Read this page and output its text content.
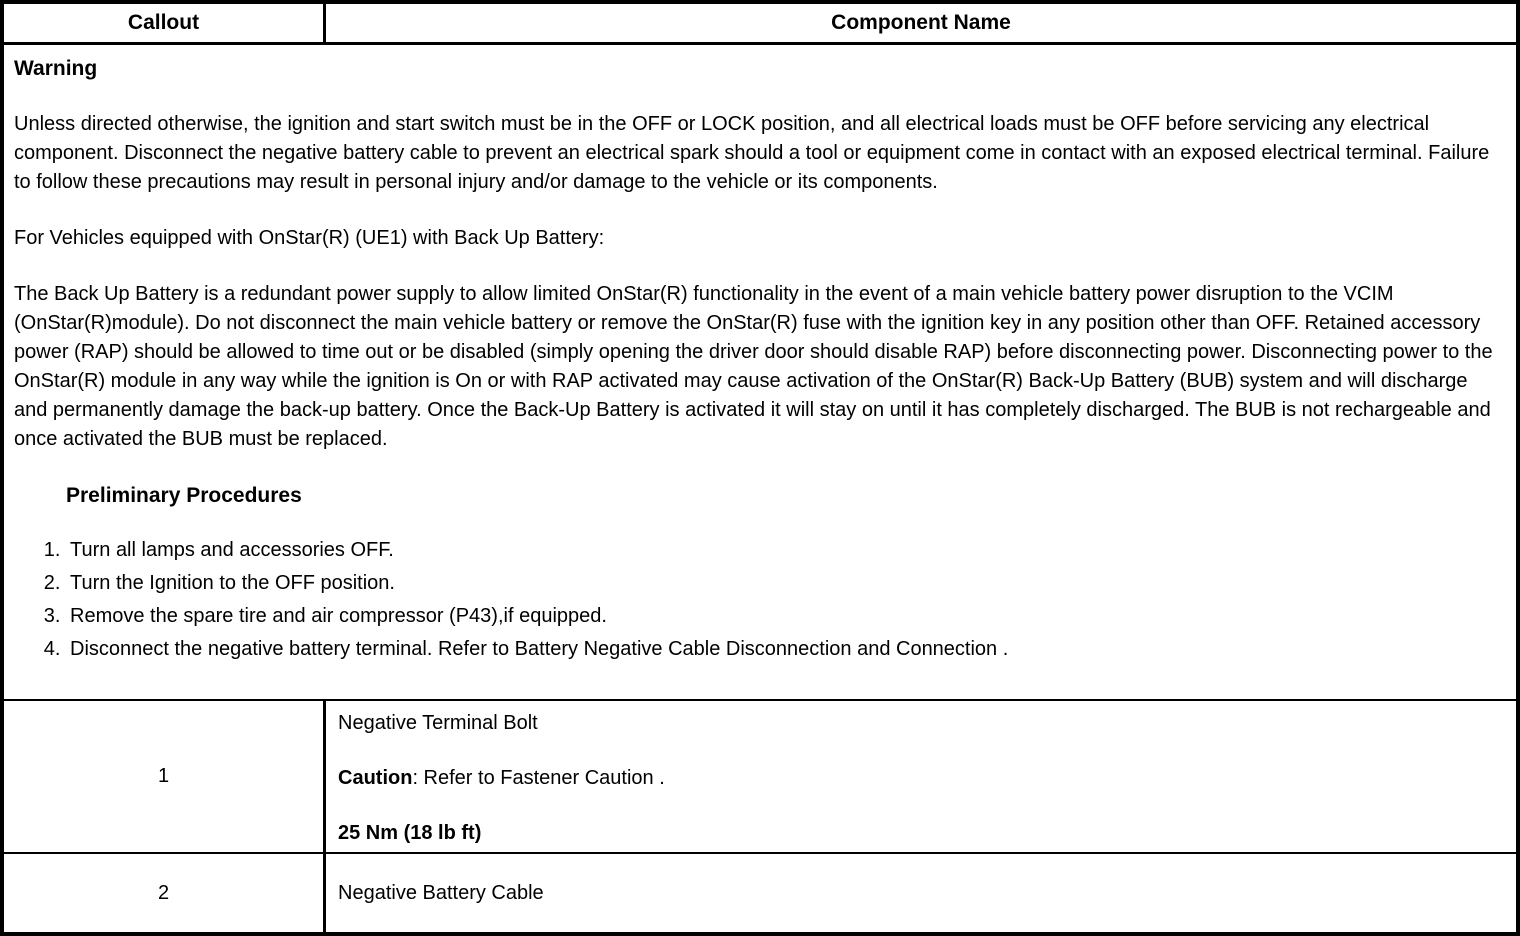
Callout	Component Name

Warning

Unless directed otherwise, the ignition and start switch must be in the OFF or LOCK position, and all electrical loads must be OFF before servicing any electrical component. Disconnect the negative battery cable to prevent an electrical spark should a tool or equipment come in contact with an exposed electrical terminal. Failure to follow these precautions may result in personal injury and/or damage to the vehicle or its components.

For Vehicles equipped with OnStar(R) (UE1) with Back Up Battery:

The Back Up Battery is a redundant power supply to allow limited OnStar(R) functionality in the event of a main vehicle battery power disruption to the VCIM (OnStar(R)module). Do not disconnect the main vehicle battery or remove the OnStar(R) fuse with the ignition key in any position other than OFF. Retained accessory power (RAP) should be allowed to time out or be disabled (simply opening the driver door should disable RAP) before disconnecting power. Disconnecting power to the OnStar(R) module in any way while the ignition is On or with RAP activated may cause activation of the OnStar(R) Back-Up Battery (BUB) system and will discharge and permanently damage the back-up battery. Once the Back-Up Battery is activated it will stay on until it has completely discharged. The BUB is not rechargeable and once activated the BUB must be replaced.

Preliminary Procedures

1. Turn all lamps and accessories OFF.
2. Turn the Ignition to the OFF position.
3. Remove the spare tire and air compressor (P43),if equipped.
4. Disconnect the negative battery terminal. Refer to Battery Negative Cable Disconnection and Connection .
1

Negative Terminal Bolt

Caution: Refer to Fastener Caution .

25 Nm (18 lb ft)

2	Negative Battery Cable
